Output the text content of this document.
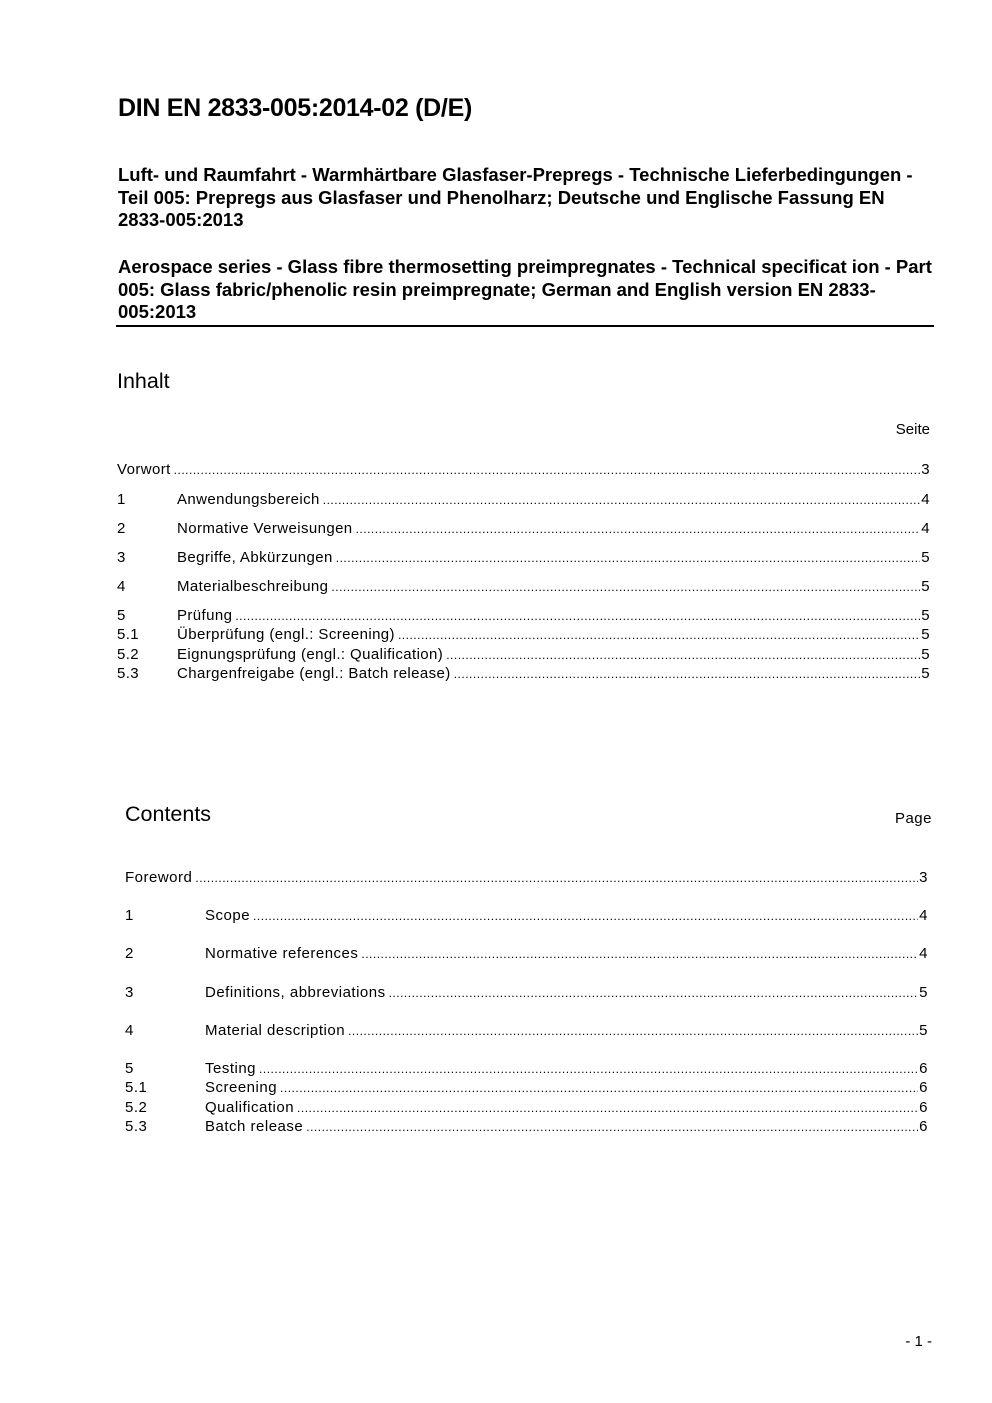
DIN EN 2833-005:2014-02 (D/E)
Luft- und Raumfahrt - Warmhärtbare Glasfaser-Prepregs - Technische Lieferbedingungen - Teil 005: Prepregs aus Glasfaser und Phenolharz; Deutsche und Englische Fassung EN 2833-005:2013
Aerospace series - Glass fibre thermosetting preimpregnates - Technical specificat ion - Part 005: Glass fabric/phenolic resin preimpregnate; German and English version EN 2833-005:2013
Inhalt
Seite
Vorwort .....	3
1	Anwendungsbereich .....	4
2	Normative Verweisungen .....	4
3	Begriffe, Abkürzungen .....	5
4	Materialbeschreibung .....	5
5	Prüfung .....	5
5.1	Überprüfung (engl.: Screening) .....	5
5.2	Eignungsprüfung (engl.: Qualification) .....	5
5.3	Chargenfreigabe (engl.: Batch release) .....	5
Contents	Page
Foreword .....	3
1	Scope .....	4
2	Normative references .....	4
3	Definitions, abbreviations .....	5
4	Material description .....	5
5	Testing .....	6
5.1	Screening .....	6
5.2	Qualification .....	6
5.3	Batch release .....	6
- 1 -
